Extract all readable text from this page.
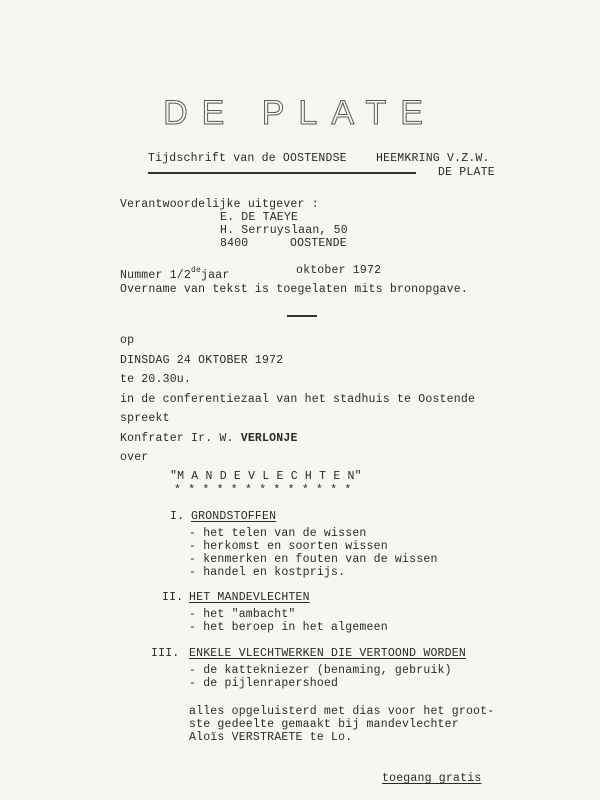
DE PLATE
Tijdschrift van de OOSTENDSE	HEEMKRING V.Z.W.
DE PLATE
Verantwoordelijke uitgever :
E. DE TAEYE
H. Serruyslaan, 50
8400	OOSTENDE
Nummer 1/2dejaar	oktober 1972
Overname van tekst is toegelaten mits bronopgave.
op
DINSDAG 24 OKTOBER 1972
te 20.30u.
in de conferentiezaal van het stadhuis te Oostende
spreekt
Konfrater Ir. W. VERLONJE
over
"M A N D E V L E C H T E N"
* * * * * * * * * * * * *
I. GRONDSTOFFEN
- het telen van de wissen
- herkomst en soorten wissen
- kenmerken en fouten van de wissen
- handel en kostprijs.
II. HET MANDEVLECHTEN
- het "ambacht"
- het beroep in het algemeen
III. ENKELE VLECHTWERKEN DIE VERTOOND WORDEN
- de kattekniezer (benaming, gebruik)
- de pijlenrapershoed
alles opgeluisterd met dias voor het groot-
ste gedeelte gemaakt bij mandevlechter
Aloïs VERSTRAETE te Lo.
toegang gratis
